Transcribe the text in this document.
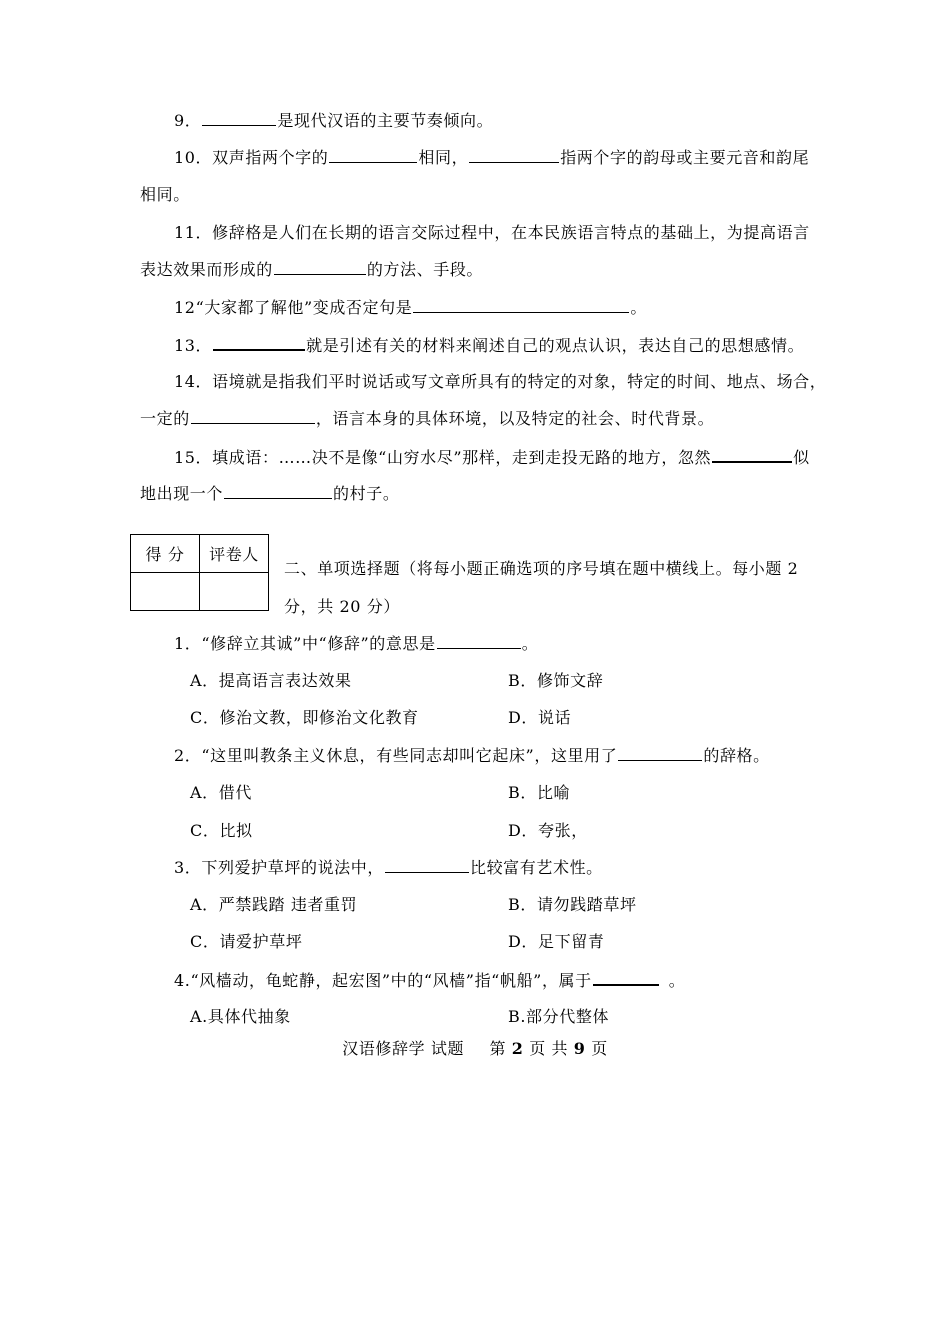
9．	是现代汉语的主要节奏倾向。
10．双声指两个字的	相同，	指两个字的韵母或主要元音和韵尾
相同。
11．修辞格是人们在长期的语言交际过程中，在本民族语言特点的基础上，为提高语言
表达效果而形成的	的方法、手段。
12“大家都了解他”变成否定句是	。
13．	就是引述有关的材料来阐述自己的观点认识，表达自己的思想感情。
14．语境就是指我们平时说话或写文章所具有的特定的对象，特定的时间、地点、场合，
一定的	，语言本身的具体环境，以及特定的社会、时代背景。
15．填成语：……决不是像“山穷水尽”那样，走到走投无路的地方，忽然	似
地出现一个	的村子。
得 分	评卷人

二、单项选择题（将每小题正确选项的序号填在题中横线上。每小题 2
分，共 20 分）
1．“修辞立其诚”中“修辞”的意思是	。
A．提高语言表达效果	B．修饰文辞
C．修治文教，即修治文化教育	D．说话
2．“这里叫教条主义休息，有些同志却叫它起床”，这里用了	的辞格。
A．借代	B．比喻
C．比拟	D．夸张，
3．下列爱护草坪的说法中，	比较富有艺术性。
A．严禁践踏 违者重罚	B．请勿践踏草坪
C．请爱护草坪	D．足下留青
4.“风樯动，龟蛇静，起宏图”中的“风樯”指“帆船”，属于	。
A.具体代抽象	B.部分代整体
汉语修辞学 试题 第 2 页 共 9 页
